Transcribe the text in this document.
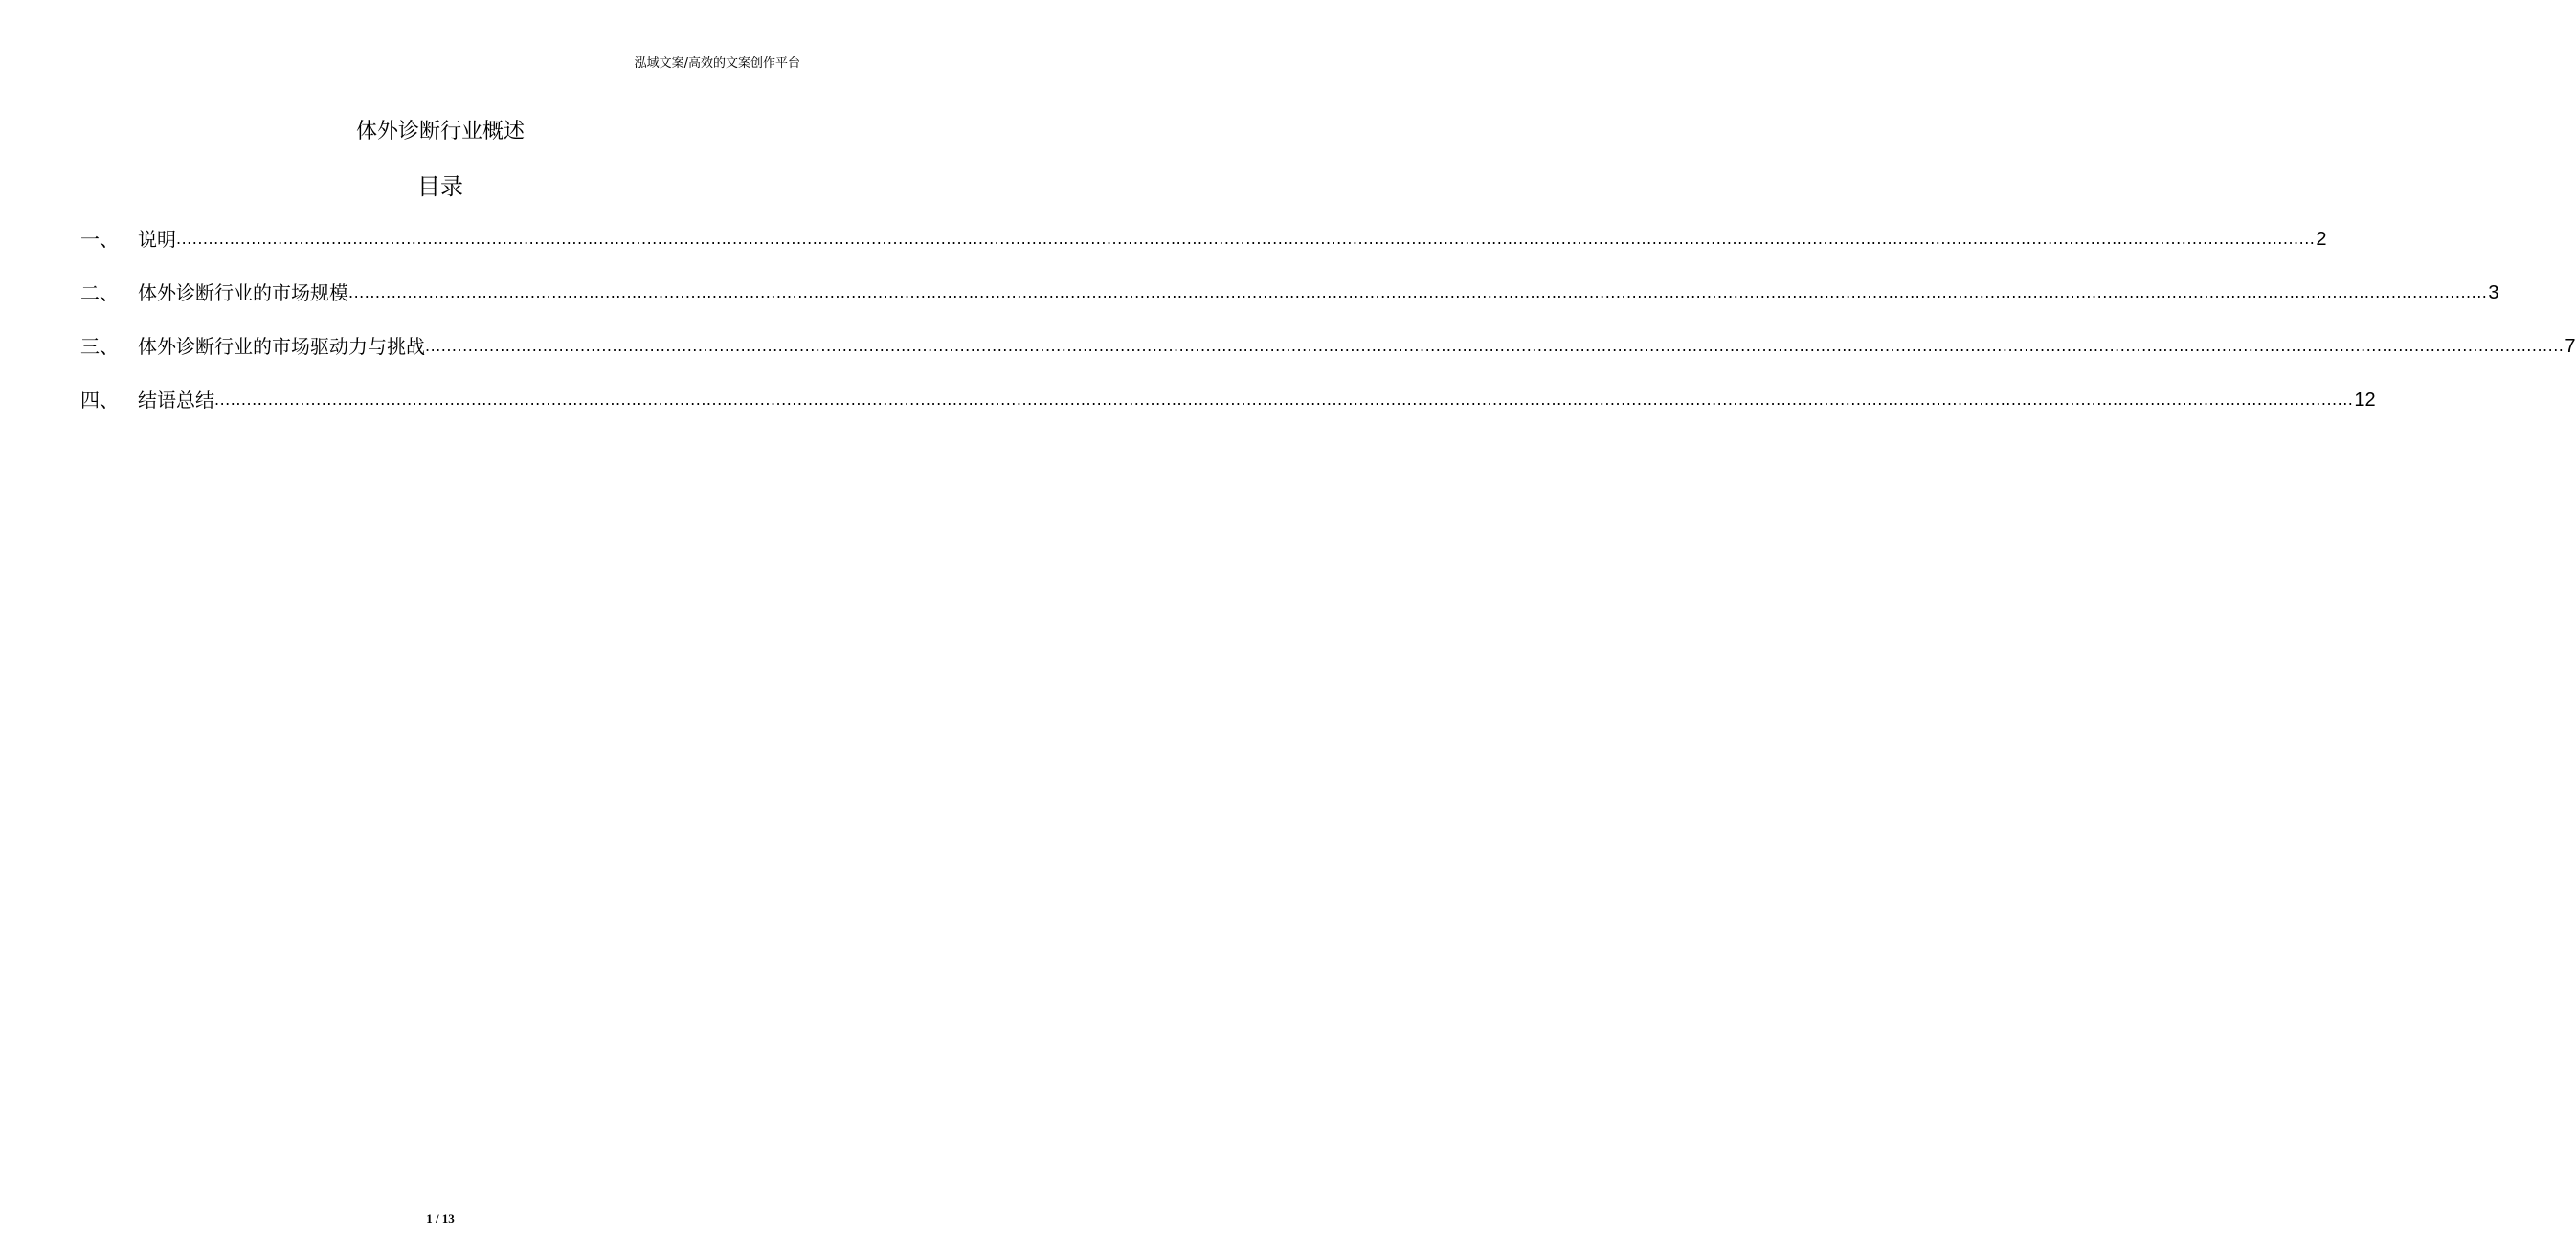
泓域文案/高效的文案创作平台
体外诊断行业概述
目录
一、	说明 ................................................................................................................................................................................................................................................................................................................................................................................................................ 2
二、	体外诊断行业的市场规模 ................................................................................................................................................................................................................................................................................................................................................................................................................ 3
三、	体外诊断行业的市场驱动力与挑战 ................................................................................................................................................................................................................................................................................................................................................................................................................ 7
四、	结语总结 ................................................................................................................................................................................................................................................................................................................................................................................................................ 12
1 / 13
